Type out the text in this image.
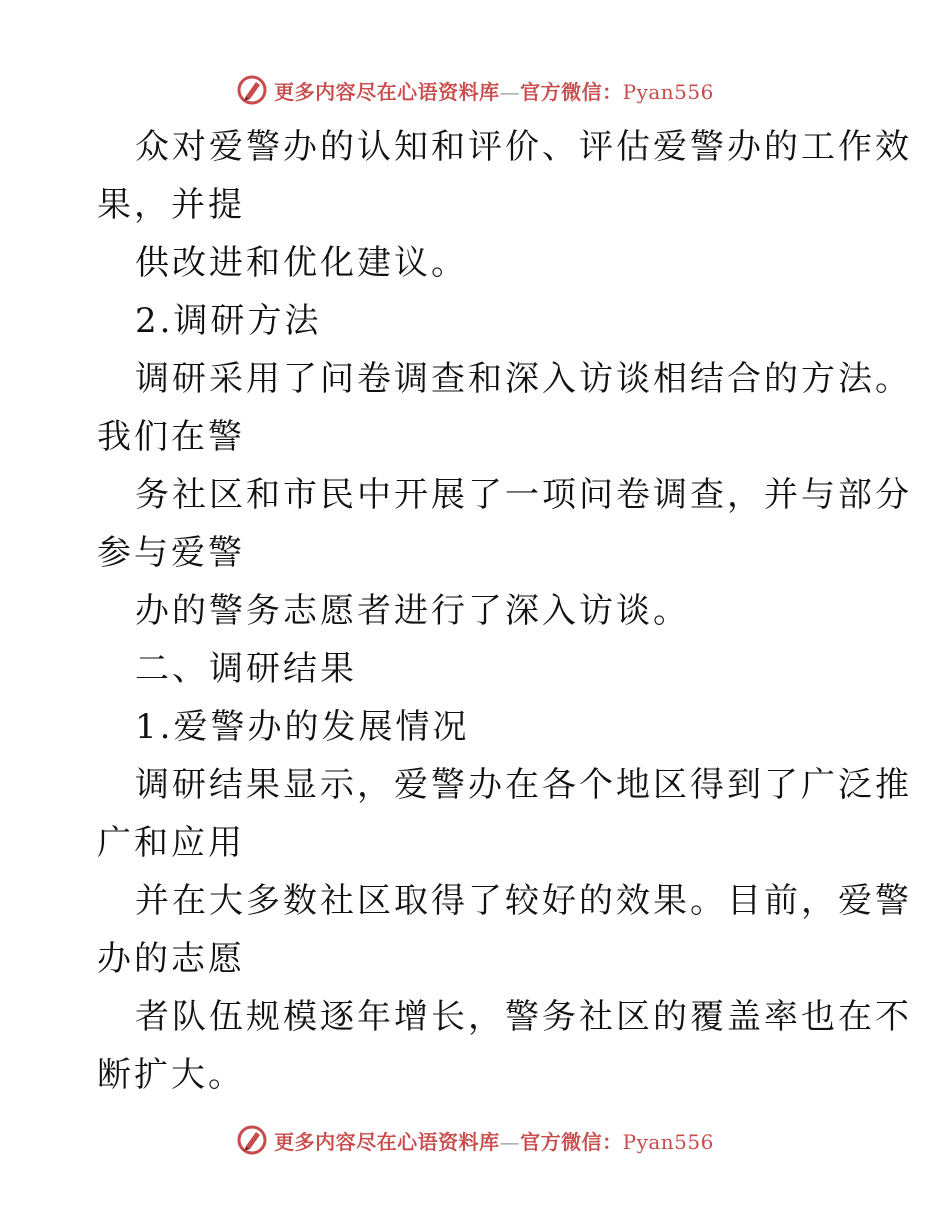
更多内容尽在心语资料库—官方微信：Pyan556
众对爱警办的认知和评价、评估爱警办的工作效
果，并提
供改进和优化建议。
2.调研方法
调研采用了问卷调查和深入访谈相结合的方法。
我们在警
务社区和市民中开展了一项问卷调查，并与部分
参与爱警
办的警务志愿者进行了深入访谈。
二、调研结果
1.爱警办的发展情况
调研结果显示，爱警办在各个地区得到了广泛推
广和应用
并在大多数社区取得了较好的效果。目前，爱警
办的志愿
者队伍规模逐年增长，警务社区的覆盖率也在不
断扩大。
更多内容尽在心语资料库—官方微信：Pyan556
